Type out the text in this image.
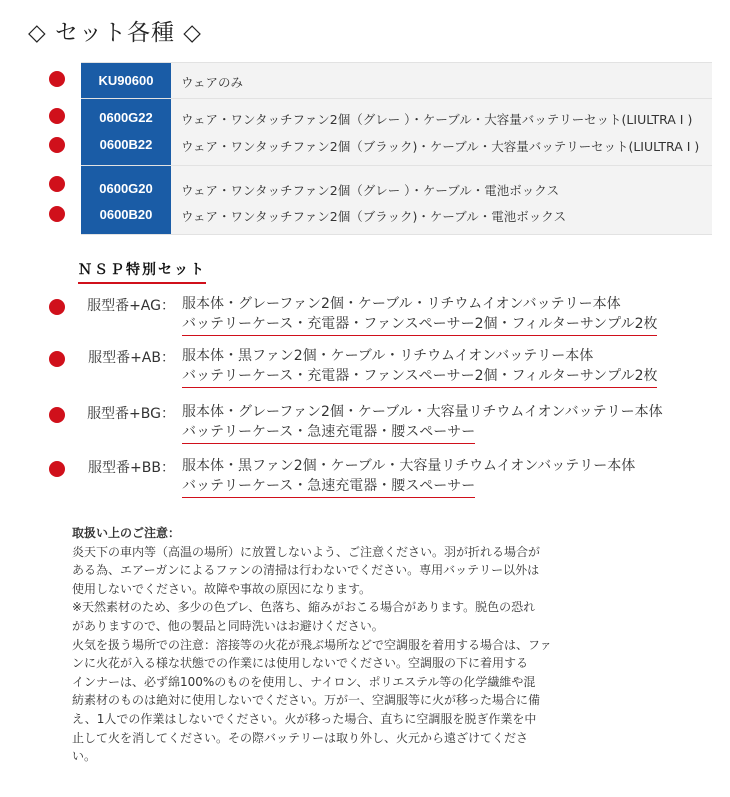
◇ セット各種 ◇
KU90600	ウェアのみ
0600G22	ウェア・ワンタッチファン2個（グレー ）・ケーブル・大容量バッテリーセット(LIULTRA I )
0600B22	ウェア・ワンタッチファン2個（ブラック)・ケーブル・大容量バッテリーセット(LIULTRA I )
0600G20	ウェア・ワンタッチファン2個（グレー ）・ケーブル・電池ボックス
0600B20	ウェア・ワンタッチファン2個（ブラック)・ケーブル・電池ボックス
ＮＳＰ特別セット
服型番+AG： 服本体・グレーファン2個・ケーブル・リチウムイオンバッテリー本体
バッテリーケース・充電器・ファンスペーサー2個・フィルターサンプル2枚
服型番+AB： 服本体・黒ファン2個・ケーブル・リチウムイオンバッテリー本体
バッテリーケース・充電器・ファンスペーサー2個・フィルターサンプル2枚
服型番+BG： 服本体・グレーファン2個・ケーブル・大容量リチウムイオンバッテリー本体
バッテリーケース・急速充電器・腰スペーサー
服型番+BB： 服本体・黒ファン2個・ケーブル・大容量リチウムイオンバッテリー本体
バッテリーケース・急速充電器・腰スペーサー
取扱い上のご注意：
炎天下の車内等（高温の場所）に放置しないよう、ご注意ください。羽が折れる場合が
ある為、エアーガンによるファンの清掃は行わないでください。専用バッテリー以外は
使用しないでください。故障や事故の原因になります。
※天然素材のため、多少の色ブレ、色落ち、縮みがおこる場合があります。脱色の恐れ
がありますので、他の製品と同時洗いはお避けください。
火気を扱う場所での注意：溶接等の火花が飛ぶ場所などで空調服を着用する場合は、ファ
ンに火花が入る様な状態での作業には使用しないでください。空調服の下に着用する
インナーは、必ず綿100%のものを使用し、ナイロン、ポリエステル等の化学繊維や混
紡素材のものは絶対に使用しないでください。万が一、空調服等に火が移った場合に備
え、1人での作業はしないでください。火が移った場合、直ちに空調服を脱ぎ作業を中
止して火を消してください。その際バッテリーは取り外し、火元から遠ざけてくださ
い。
